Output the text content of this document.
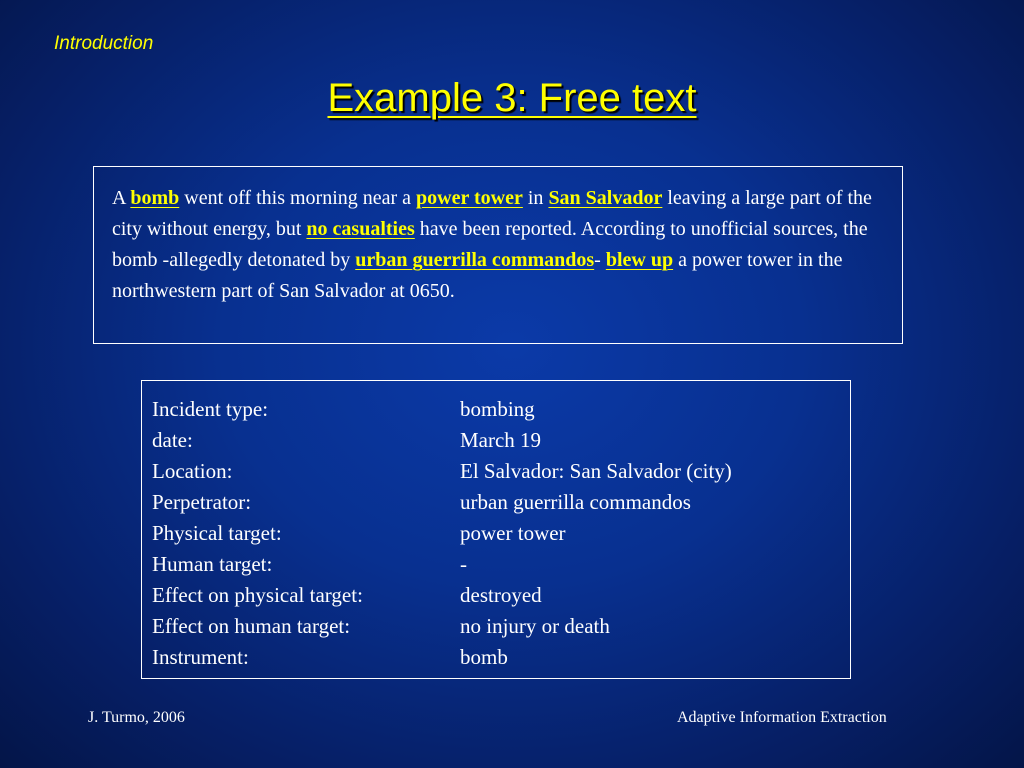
Introduction
Example 3: Free text
A bomb went off this morning near a power tower in San Salvador leaving a large part of the city without energy, but no casualties have been reported. According to unofficial sources, the bomb -allegedly detonated by urban guerrilla commandos- blew up a power tower in the northwestern part of San Salvador at 0650.
Incident type:	bombing
date:	March 19
Location:	El Salvador: San Salvador (city)
Perpetrator:	urban guerrilla commandos
Physical target:	power tower
Human target:	-
Effect on physical target:	destroyed
Effect on human target:	no injury or death
Instrument:	bomb
J. Turmo, 2006	Adaptive Information Extraction
